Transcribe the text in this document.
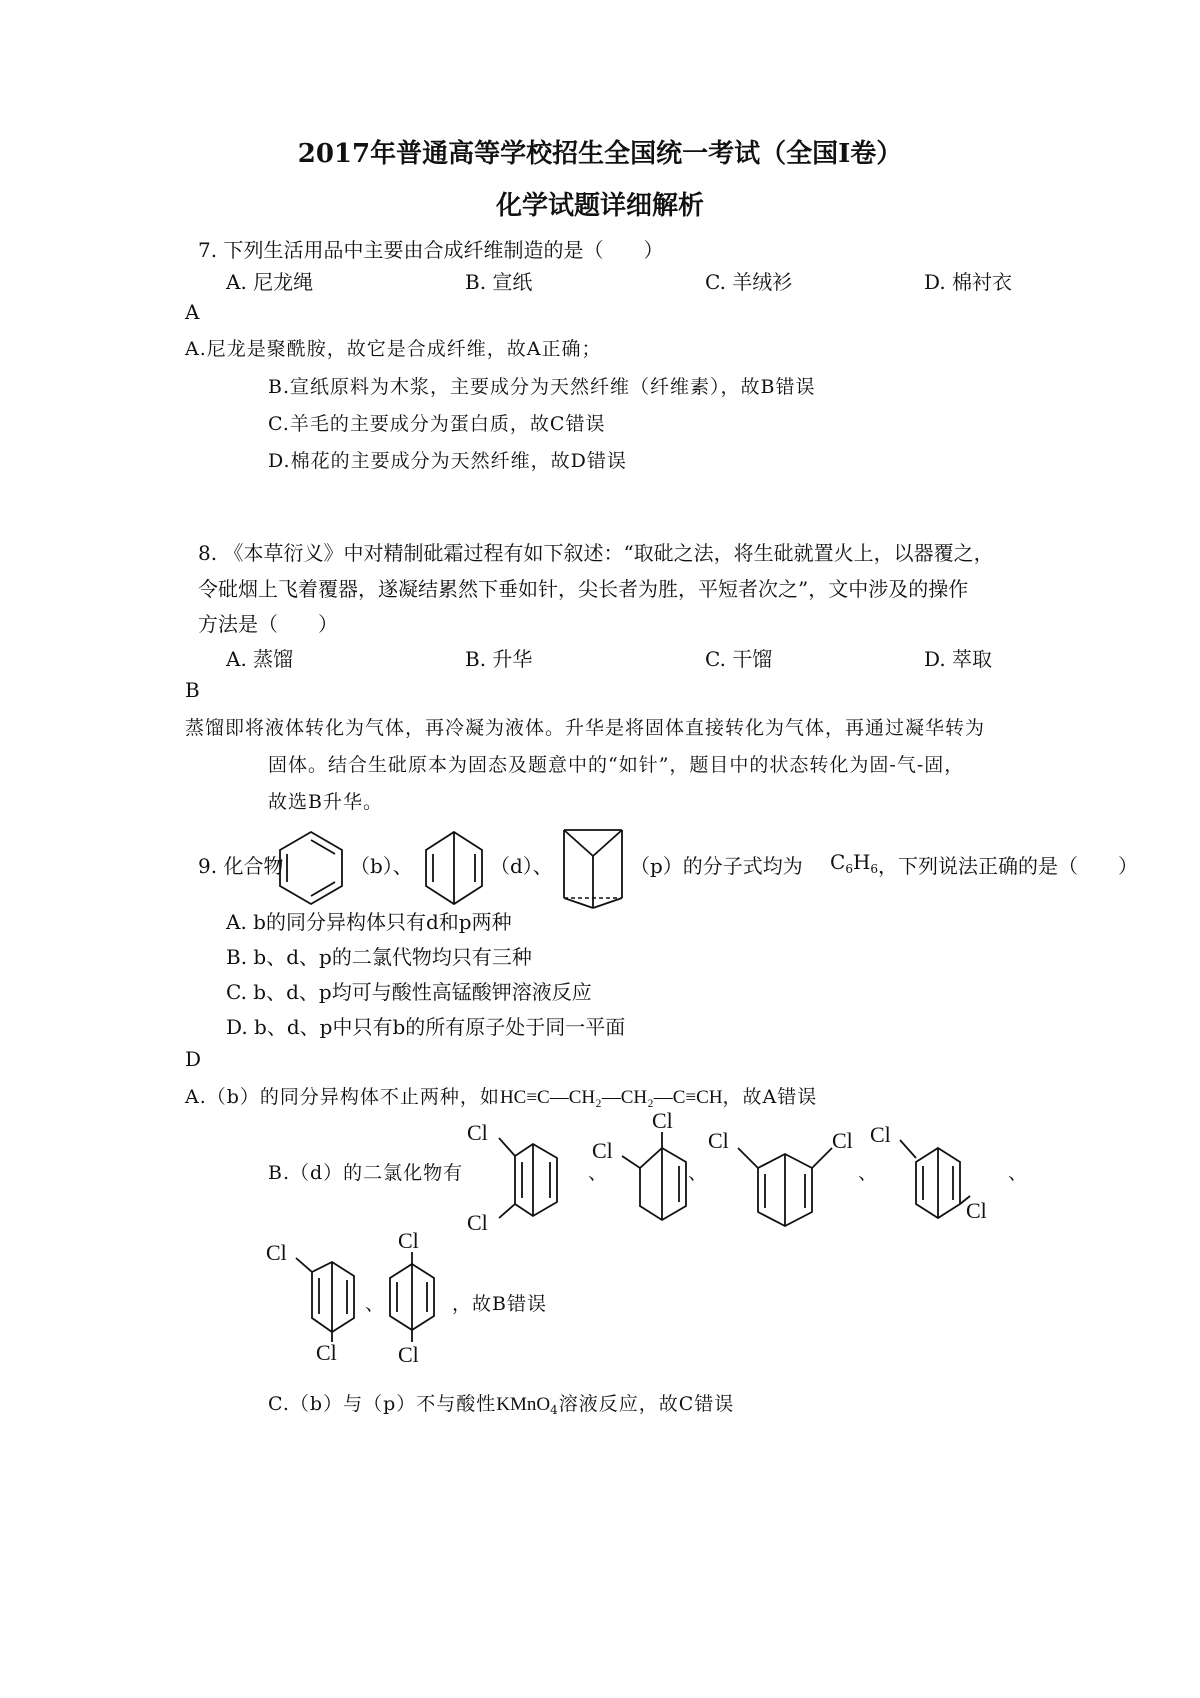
2017年普通高等学校招生全国统一考试（全国I卷）
化学试题详细解析
7. 下列生活用品中主要由合成纤维制造的是（　　）
A. 尼龙绳	B. 宣纸	C. 羊绒衫	D. 棉衬衣
A
A.尼龙是聚酰胺，故它是合成纤维，故A正确；
B.宣纸原料为木浆，主要成分为天然纤维（纤维素），故B错误
C.羊毛的主要成分为蛋白质，故C错误
D.棉花的主要成分为天然纤维，故D错误
8. 《本草衍义》中对精制砒霜过程有如下叙述：“取砒之法，将生砒就置火上，以器覆之，
令砒烟上飞着覆器，遂凝结累然下垂如针，尖长者为胜，平短者次之”，文中涉及的操作
方法是（　　）
A. 蒸馏	B. 升华	C. 干馏	D. 萃取
B
蒸馏即将液体转化为气体，再冷凝为液体。升华是将固体直接转化为气体，再通过凝华转为
固体。结合生砒原本为固态及题意中的“如针”，题目中的状态转化为固-气-固，
故选B升华。
9. 化合物	（b）、	（d）、	（p）的分子式均为 $C_6H_6$ ，下列说法正确的是（　　）
A. b的同分异构体只有d和p两种
B. b、d、p的二氯代物均只有三种
C. b、d、p均可与酸性高锰酸钾溶液反应
D. b、d、p中只有b的所有原子处于同一平面
D
A.（b）的同分异构体不止两种，如HC≡C—CH₂—CH₂—C≡CH，故A错误
B.（d）的二氯化物有
Cl
Cl
、
Cl
Cl
、
Cl	Cl
、
Cl
Cl
、
Cl
Cl
、
Cl
Cl
，故B错误
C.（b）与（p）不与酸性KMnO$_4$溶液反应，故C错误
